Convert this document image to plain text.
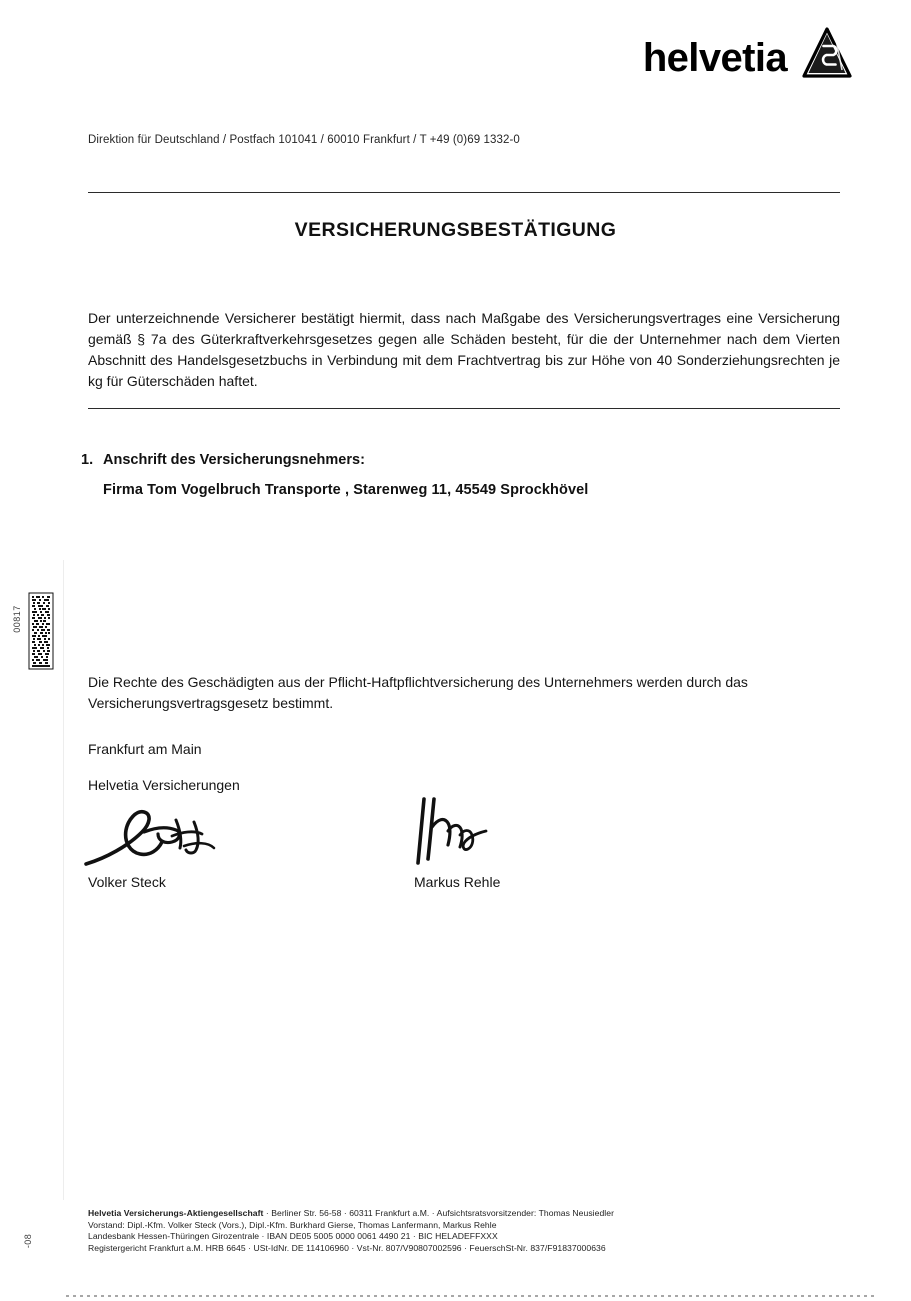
helvetia
Direktion für Deutschland / Postfach 101041 / 60010 Frankfurt / T +49 (0)69 1332-0
VERSICHERUNGSBESTÄTIGUNG
Der unterzeichnende Versicherer bestätigt hiermit, dass nach Maßgabe des Versicherungsvertrages eine Versicherung gemäß § 7a des Güterkraftverkehrsgesetzes gegen alle Schäden besteht, für die der Unternehmer nach dem Vierten Abschnitt des Handelsgesetzbuchs in Verbindung mit dem Frachtvertrag bis zur Höhe von 40 Sonderziehungsrechten je kg für Güterschäden haftet.
1. Anschrift des Versicherungsnehmers:
Firma Tom Vogelbruch Transporte , Starenweg 11, 45549 Sprockhövel
00817
Die Rechte des Geschädigten aus der Pflicht-Haftpflichtversicherung des Unternehmers werden durch das Versicherungsvertragsgesetz bestimmt.
Frankfurt am Main
Helvetia Versicherungen
Volker Steck	Markus Rehle
Helvetia Versicherungs-Aktiengesellschaft · Berliner Str. 56-58 · 60311 Frankfurt a.M. · Aufsichtsratsvorsitzender: Thomas Neusiedler
Vorstand: Dipl.-Kfm. Volker Steck (Vors.), Dipl.-Kfm. Burkhard Gierse, Thomas Lanfermann, Markus Rehle
Landesbank Hessen-Thüringen Girozentrale · IBAN DE05 5005 0000 0061 4490 21 · BIC HELADEFFXXX
Registergericht Frankfurt a.M. HRB 6645 · USt-IdNr. DE 114106960 · Vst-Nr. 807/V90807002596 · FeuerschSt-Nr. 837/F91837000636
-08
